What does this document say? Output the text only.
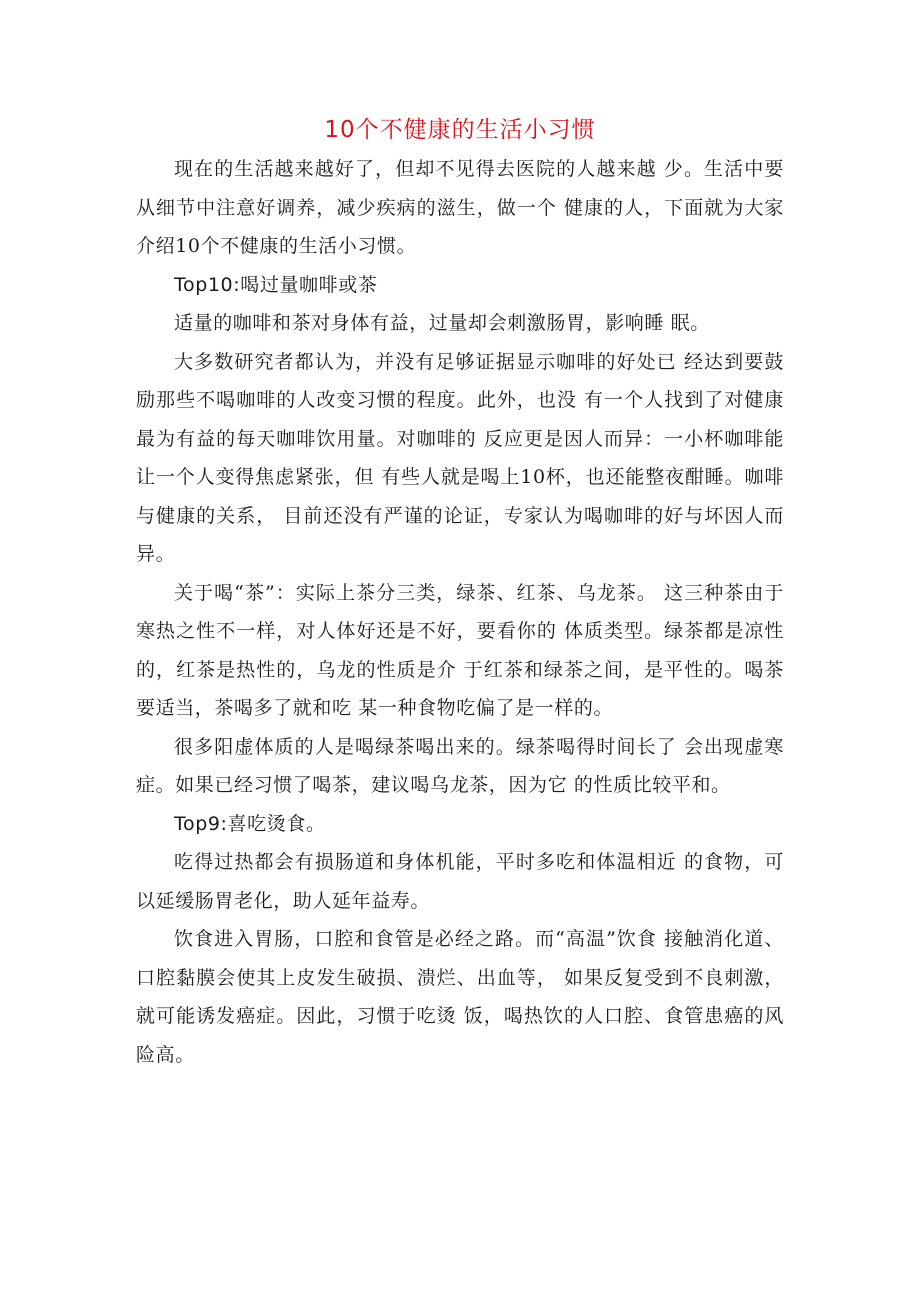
10个不健康的生活小习惯

现在的生活越来越好了，但却不见得去医院的人越来越 少。生活中要从细节中注意好调养，减少疾病的滋生，做一个 健康的人，下面就为大家介绍10个不健康的生活小习惯。

Top10:喝过量咖啡或茶

适量的咖啡和茶对身体有益，过量却会刺激肠胃，影响睡 眠。

大多数研究者都认为，并没有足够证据显示咖啡的好处已 经达到要鼓励那些不喝咖啡的人改变习惯的程度。此外，也没 有一个人找到了对健康最为有益的每天咖啡饮用量。对咖啡的 反应更是因人而异：一小杯咖啡能让一个人变得焦虑紧张，但 有些人就是喝上10杯，也还能整夜酣睡。咖啡与健康的关系， 目前还没有严谨的论证，专家认为喝咖啡的好与坏因人而异。

关于喝“茶”：实际上茶分三类，绿茶、红茶、乌龙茶。 这三种茶由于寒热之性不一样，对人体好还是不好，要看你的 体质类型。绿茶都是凉性的，红茶是热性的，乌龙的性质是介 于红茶和绿茶之间，是平性的。喝茶要适当，茶喝多了就和吃 某一种食物吃偏了是一样的。

很多阳虚体质的人是喝绿茶喝出来的。绿茶喝得时间长了 会出现虚寒症。如果已经习惯了喝茶，建议喝乌龙茶，因为它 的性质比较平和。

Top9:喜吃烫食。

吃得过热都会有损肠道和身体机能，平时多吃和体温相近 的食物，可以延缓肠胃老化，助人延年益寿。

饮食进入胃肠，口腔和食管是必经之路。而“高温”饮食 接触消化道、口腔黏膜会使其上皮发生破损、溃烂、出血等， 如果反复受到不良刺激，就可能诱发癌症。因此，习惯于吃烫 饭，喝热饮的人口腔、食管患癌的风险高。
